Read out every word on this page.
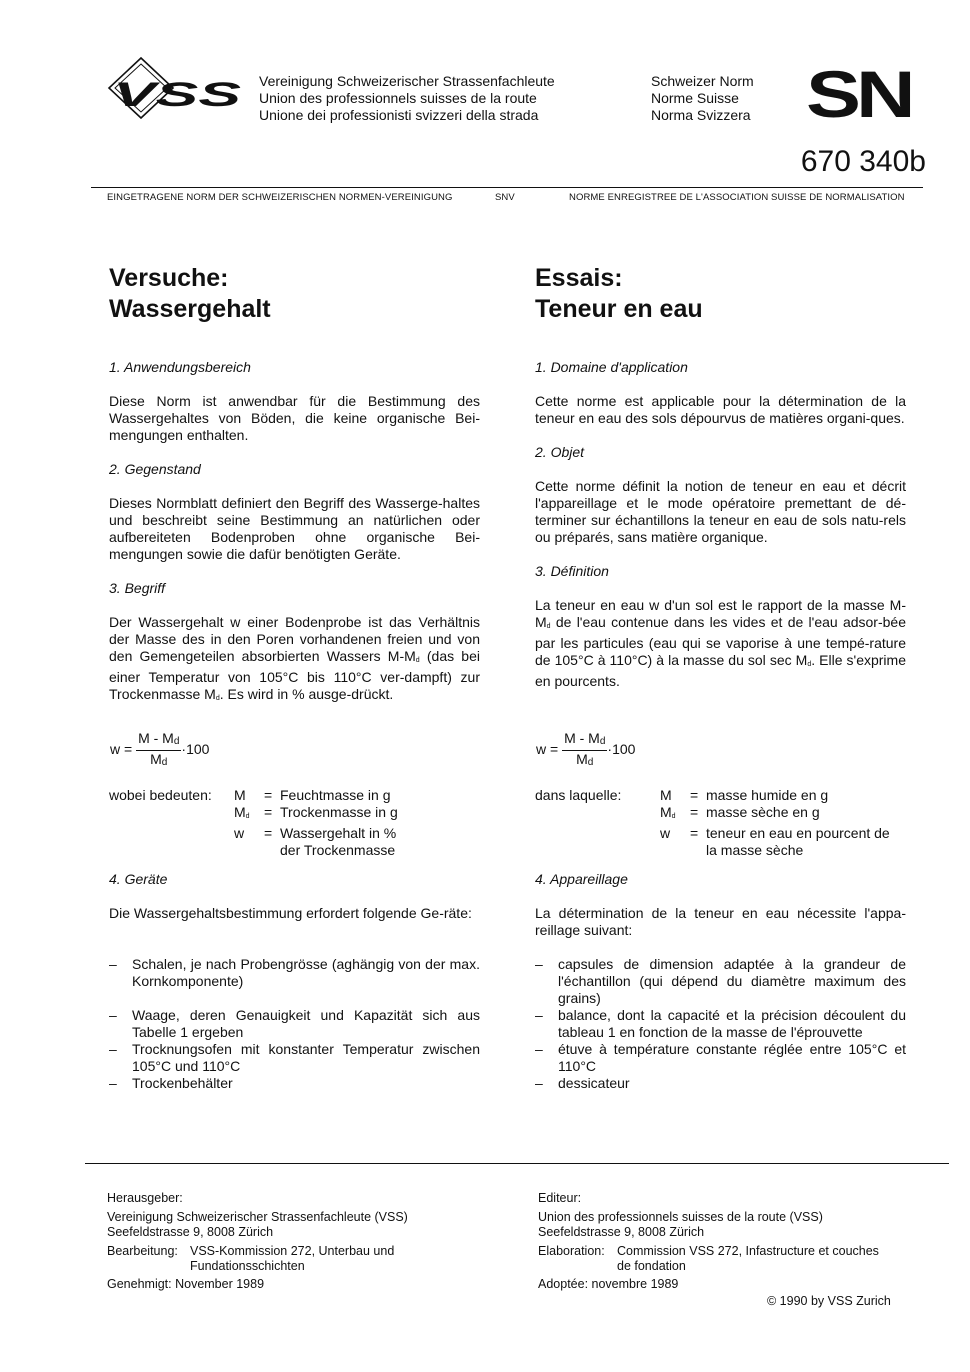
VSS Vereinigung Schweizerischer Strassenfachleute
Union des professionnels suisses de la route
Unione dei professionisti svizzeri della strada
Schweizer Norm
Norme Suisse
Norma Svizzera SN
670 340b
EINGETRAGENE NORM DER SCHWEIZERISCHEN NORMEN-VEREINIGUNG	SNV	NORME ENREGISTREE DE L'ASSOCIATION SUISSE DE NORMALISATION
Versuche:
Wassergehalt
1. Anwendungsbereich

Diese Norm ist anwendbar für die Bestimmung des Wassergehaltes von Böden, die keine organische Bei-mengungen enthalten.

2. Gegenstand

Dieses Normblatt definiert den Begriff des Wasserge-haltes und beschreibt seine Bestimmung an natürlichen oder aufbereiteten Bodenproben ohne organische Bei-mengungen sowie die dafür benötigten Geräte.

3. Begriff

Der Wassergehalt w einer Bodenprobe ist das Verhältnis der Masse des in den Poren vorhandenen freien und von den Gemengeteilen absorbierten Wassers $M-M_d$ (das bei einer Temperatur von 105°C bis 110°C ver-dampft) zur Trockenmasse $M_d$. Es wird in % ausge-drückt.

$w = \frac{M - M_d}{M_d} \cdot 100$
wobei bedeuten: M	= Feuchtmasse in g
$M_d$	= Trockenmasse in g
w	= Wassergehalt in %
der Trockenmasse
4. Geräte

Die Wassergehaltsbestimmung erfordert folgende Ge-räte:

–	Schalen, je nach Probengrösse (aghängig von der max. Kornkomponente)
–	Waage, deren Genauigkeit und Kapazität sich aus Tabelle 1 ergeben
–	Trocknungsofen mit konstanter Temperatur zwischen 105°C und 110°C
–	Trockenbehälter
Essais:
Teneur en eau
1. Domaine d'application

Cette norme est applicable pour la détermination de la teneur en eau des sols dépourvus de matières organi-ques.

2. Objet

Cette norme définit la notion de teneur en eau et décrit l'appareillage et le mode opératoire premettant de dé-terminer sur échantillons la teneur en eau de sols natu-rels ou préparés, sans matière organique.

3. Définition

La teneur en eau w d'un sol est le rapport de la masse $M-M_d$ de l'eau contenue dans les vides et de l'eau adsor-bée par les particules (eau qui se vaporise à une tempé-rature de 105°C à 110°C) à la masse du sol $\sec M_d$. Elle s'exprime en pourcents.

$w = \frac{M - M_d}{M_d} \cdot 100$
dans laquelle:	M	= masse humide en g
$M_d$	= masse sèche en g
w	= teneur en eau en pourcent de
la masse sèche
4. Appareillage

La détermination de la teneur en eau nécessite l'appa-reillage suivant:

–	capsules de dimension adaptée à la grandeur de l'échantillon (qui dépend du diamètre maximum des grains)
–	balance, dont la capacité et la précision découlent du tableau 1 en fonction de la masse de l'éprouvette
–	étuve à température constante réglée entre 105°C et 110°C
–	dessicateur
Herausgeber:
Vereinigung Schweizerischer Strassenfachleute (VSS)
Seefeldstrasse 9, 8008 Zürich
Bearbeitung: VSS-Kommission 272, Unterbau und
Fundationsschichten
Genehmigt: November 1989
Editeur:
Union des professionnels suisses de la route (VSS)
Seefeldstrasse 9, 8008 Zürich
Elaboration: Commission VSS 272, Infastructure et couches
de fondation
Adoptée: novembre 1989
© 1990 by VSS Zurich
